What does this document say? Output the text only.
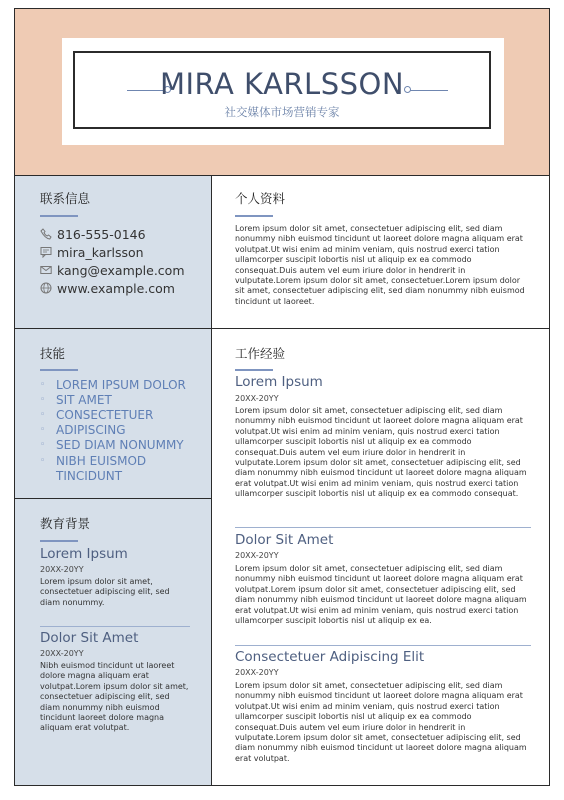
MIRA KARLSSON
社交媒体市场营销专家
联系信息
816-555-0146
mira_karlsson
kang@example.com
www.example.com
技能
◦ LOREM IPSUM DOLOR
◦ SIT AMET
◦ CONSECTETUER
◦ ADIPISCING
◦ SED DIAM NONUMMY
◦ NIBH EUISMOD TINCIDUNT
教育背景
Lorem Ipsum
20XX-20YY
Lorem ipsum dolor sit amet, consectetuer adipiscing elit, sed diam nonummy.
Dolor Sit Amet
20XX-20YY
Nibh euismod tincidunt ut laoreet dolore magna aliquam erat volutpat.Lorem ipsum dolor sit amet, consectetuer adipiscing elit, sed diam nonummy nibh euismod tincidunt laoreet dolore magna aliquam erat volutpat.
个人资料
Lorem ipsum dolor sit amet, consectetuer adipiscing elit, sed diam nonummy nibh euismod tincidunt ut laoreet dolore magna aliquam erat volutpat.Ut wisi enim ad minim veniam, quis nostrud exerci tation ullamcorper suscipit lobortis nisl ut aliquip ex ea commodo consequat.Duis autem vel eum iriure dolor in hendrerit in vulputate.Lorem ipsum dolor sit amet, consectetuer.Lorem ipsum dolor sit amet, consectetuer adipiscing elit, sed diam nonummy nibh euismod tincidunt ut laoreet.
工作经验
Lorem Ipsum
20XX-20YY
Lorem ipsum dolor sit amet, consectetuer adipiscing elit, sed diam nonummy nibh euismod tincidunt ut laoreet dolore magna aliquam erat volutpat.Ut wisi enim ad minim veniam, quis nostrud exerci tation ullamcorper suscipit lobortis nisl ut aliquip ex ea commodo consequat.Duis autem vel eum iriure dolor in hendrerit in vulputate.Lorem ipsum dolor sit amet, consectetuer adipiscing elit, sed diam nonummy nibh euismod tincidunt ut laoreet dolore magna aliquam erat volutpat.Ut wisi enim ad minim veniam, quis nostrud exerci tation ullamcorper suscipit lobortis nisl ut aliquip ex ea commodo consequat.
Dolor Sit Amet
20XX-20YY
Lorem ipsum dolor sit amet, consectetuer adipiscing elit, sed diam nonummy nibh euismod tincidunt ut laoreet dolore magna aliquam erat volutpat.Lorem ipsum dolor sit amet, consectetuer adipiscing elit, sed diam nonummy nibh euismod tincidunt ut laoreet dolore magna aliquam erat volutpat.Ut wisi enim ad minim veniam, quis nostrud exerci tation ullamcorper suscipit lobortis nisl ut aliquip ex ea.
Consectetuer Adipiscing Elit
20XX-20YY
Lorem ipsum dolor sit amet, consectetuer adipiscing elit, sed diam nonummy nibh euismod tincidunt ut laoreet dolore magna aliquam erat volutpat.Ut wisi enim ad minim veniam, quis nostrud exerci tation ullamcorper suscipit lobortis nisl ut aliquip ex ea commodo consequat.Duis autem vel eum iriure dolor in hendrerit in vulputate.Lorem ipsum dolor sit amet, consectetuer adipiscing elit, sed diam nonummy nibh euismod tincidunt ut laoreet dolore magna aliquam erat volutpat.
